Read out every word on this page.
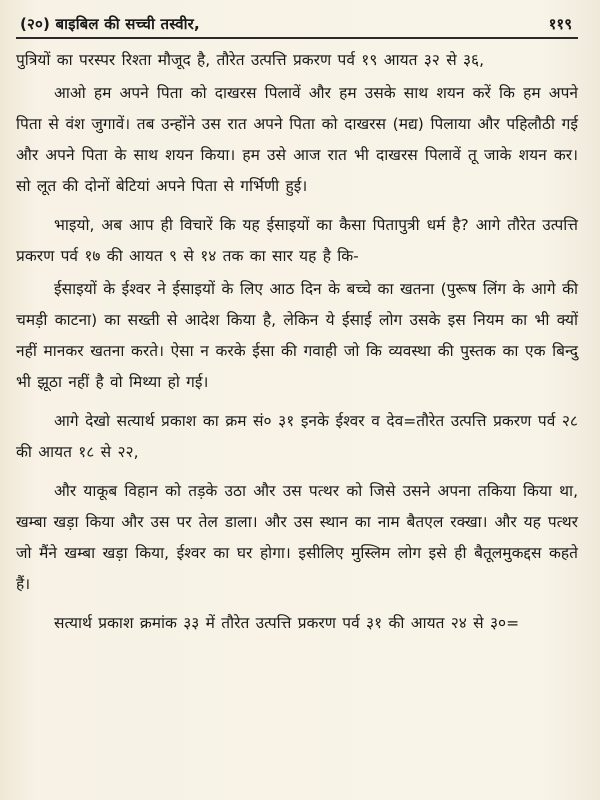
(२०) बाइबिल की सच्ची तस्वीर,	११९

पुत्रियों का परस्पर रिश्ता मौजूद है, तौरेत उत्पत्ति प्रकरण पर्व १९ आयत ३२ से ३६,

आओ हम अपने पिता को दाखरस पिलावें और हम उसके साथ शयन करें कि हम अपने पिता से वंश जुगावें। तब उन्होंने उस रात अपने पिता को दाखरस (मद्य) पिलाया और पहिलौठी गई और अपने पिता के साथ शयन किया। हम उसे आज रात भी दाखरस पिलावें तू जाके शयन कर। सो लूत की दोनों बेटियां अपने पिता से गर्भिणी हुई।

भाइयो, अब आप ही विचारें कि यह ईसाइयों का कैसा पितापुत्री धर्म है? आगे तौरेत उत्पत्ति प्रकरण पर्व १७ की आयत ९ से १४ तक का सार यह है कि-

ईसाइयों के ईश्वर ने ईसाइयों के लिए आठ दिन के बच्चे का खतना (पुरूष लिंग के आगे की चमड़ी काटना) का सख्ती से आदेश किया है, लेकिन ये ईसाई लोग उसके इस नियम का भी क्यों नहीं मानकर खतना करते। ऐसा न करके ईसा की गवाही जो कि व्यवस्था की पुस्तक का एक बिन्दु भी झूठा नहीं है वो मिथ्या हो गई।

आगे देखो सत्यार्थ प्रकाश का क्रम सं० ३१ इनके ईश्वर व देव=तौरेत उत्पत्ति प्रकरण पर्व २८ की आयत १८ से २२,

और याकूब विहान को तड़के उठा और उस पत्थर को जिसे उसने अपना तकिया किया था, खम्बा खड़ा किया और उस पर तेल डाला। और उस स्थान का नाम बैतएल रक्खा। और यह पत्थर जो मैंने खम्बा खड़ा किया, ईश्वर का घर होगा। इसीलिए मुस्लिम लोग इसे ही बैतूलमुकद्दस कहते हैं।

सत्यार्थ प्रकाश क्रमांक ३३ में तौरेत उत्पत्ति प्रकरण पर्व ३१ की आयत २४ से ३०=
